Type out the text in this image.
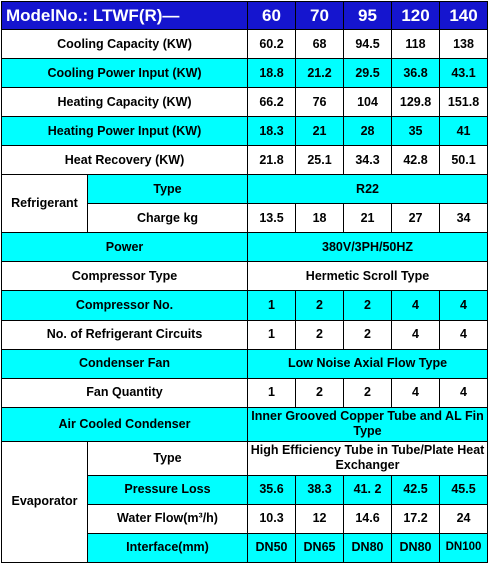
ModelNo.: LTWF(R)—		60	70	95	120	140
Cooling Capacity (KW)		60.2	68	94.5	118	138
Cooling Power Input (KW)		18.8	21.2	29.5	36.8	43.1
Heating Capacity (KW)		66.2	76	104	129.8	151.8
Heating Power Input (KW)		18.3	21	28	35	41
Heat Recovery (KW)		21.8	25.1	34.3	42.8	50.1
Refrigerant	Type	R22				
	Charge kg	13.5	18	21	27	34
Power		380V/3PH/50HZ				
Compressor Type		Hermetic Scroll Type				
Compressor No.		1	2	2	4	4
No. of Refrigerant Circuits		1	2	2	4	4
Condenser Fan		Low Noise Axial Flow Type				
Fan Quantity		1	2	2	4	4
Air Cooled Condenser		Inner Grooved Copper Tube and AL Fin Type				
Evaporator	Type	High Efficiency Tube in Tube/Plate Heat Exchanger				
	Pressure Loss	35.6	38.3	41. 2	42.5	45.5
	Water Flow(m³/h)	10.3	12	14.6	17.2	24
	Interface(mm)	DN50	DN65	DN80	DN80	DN100
